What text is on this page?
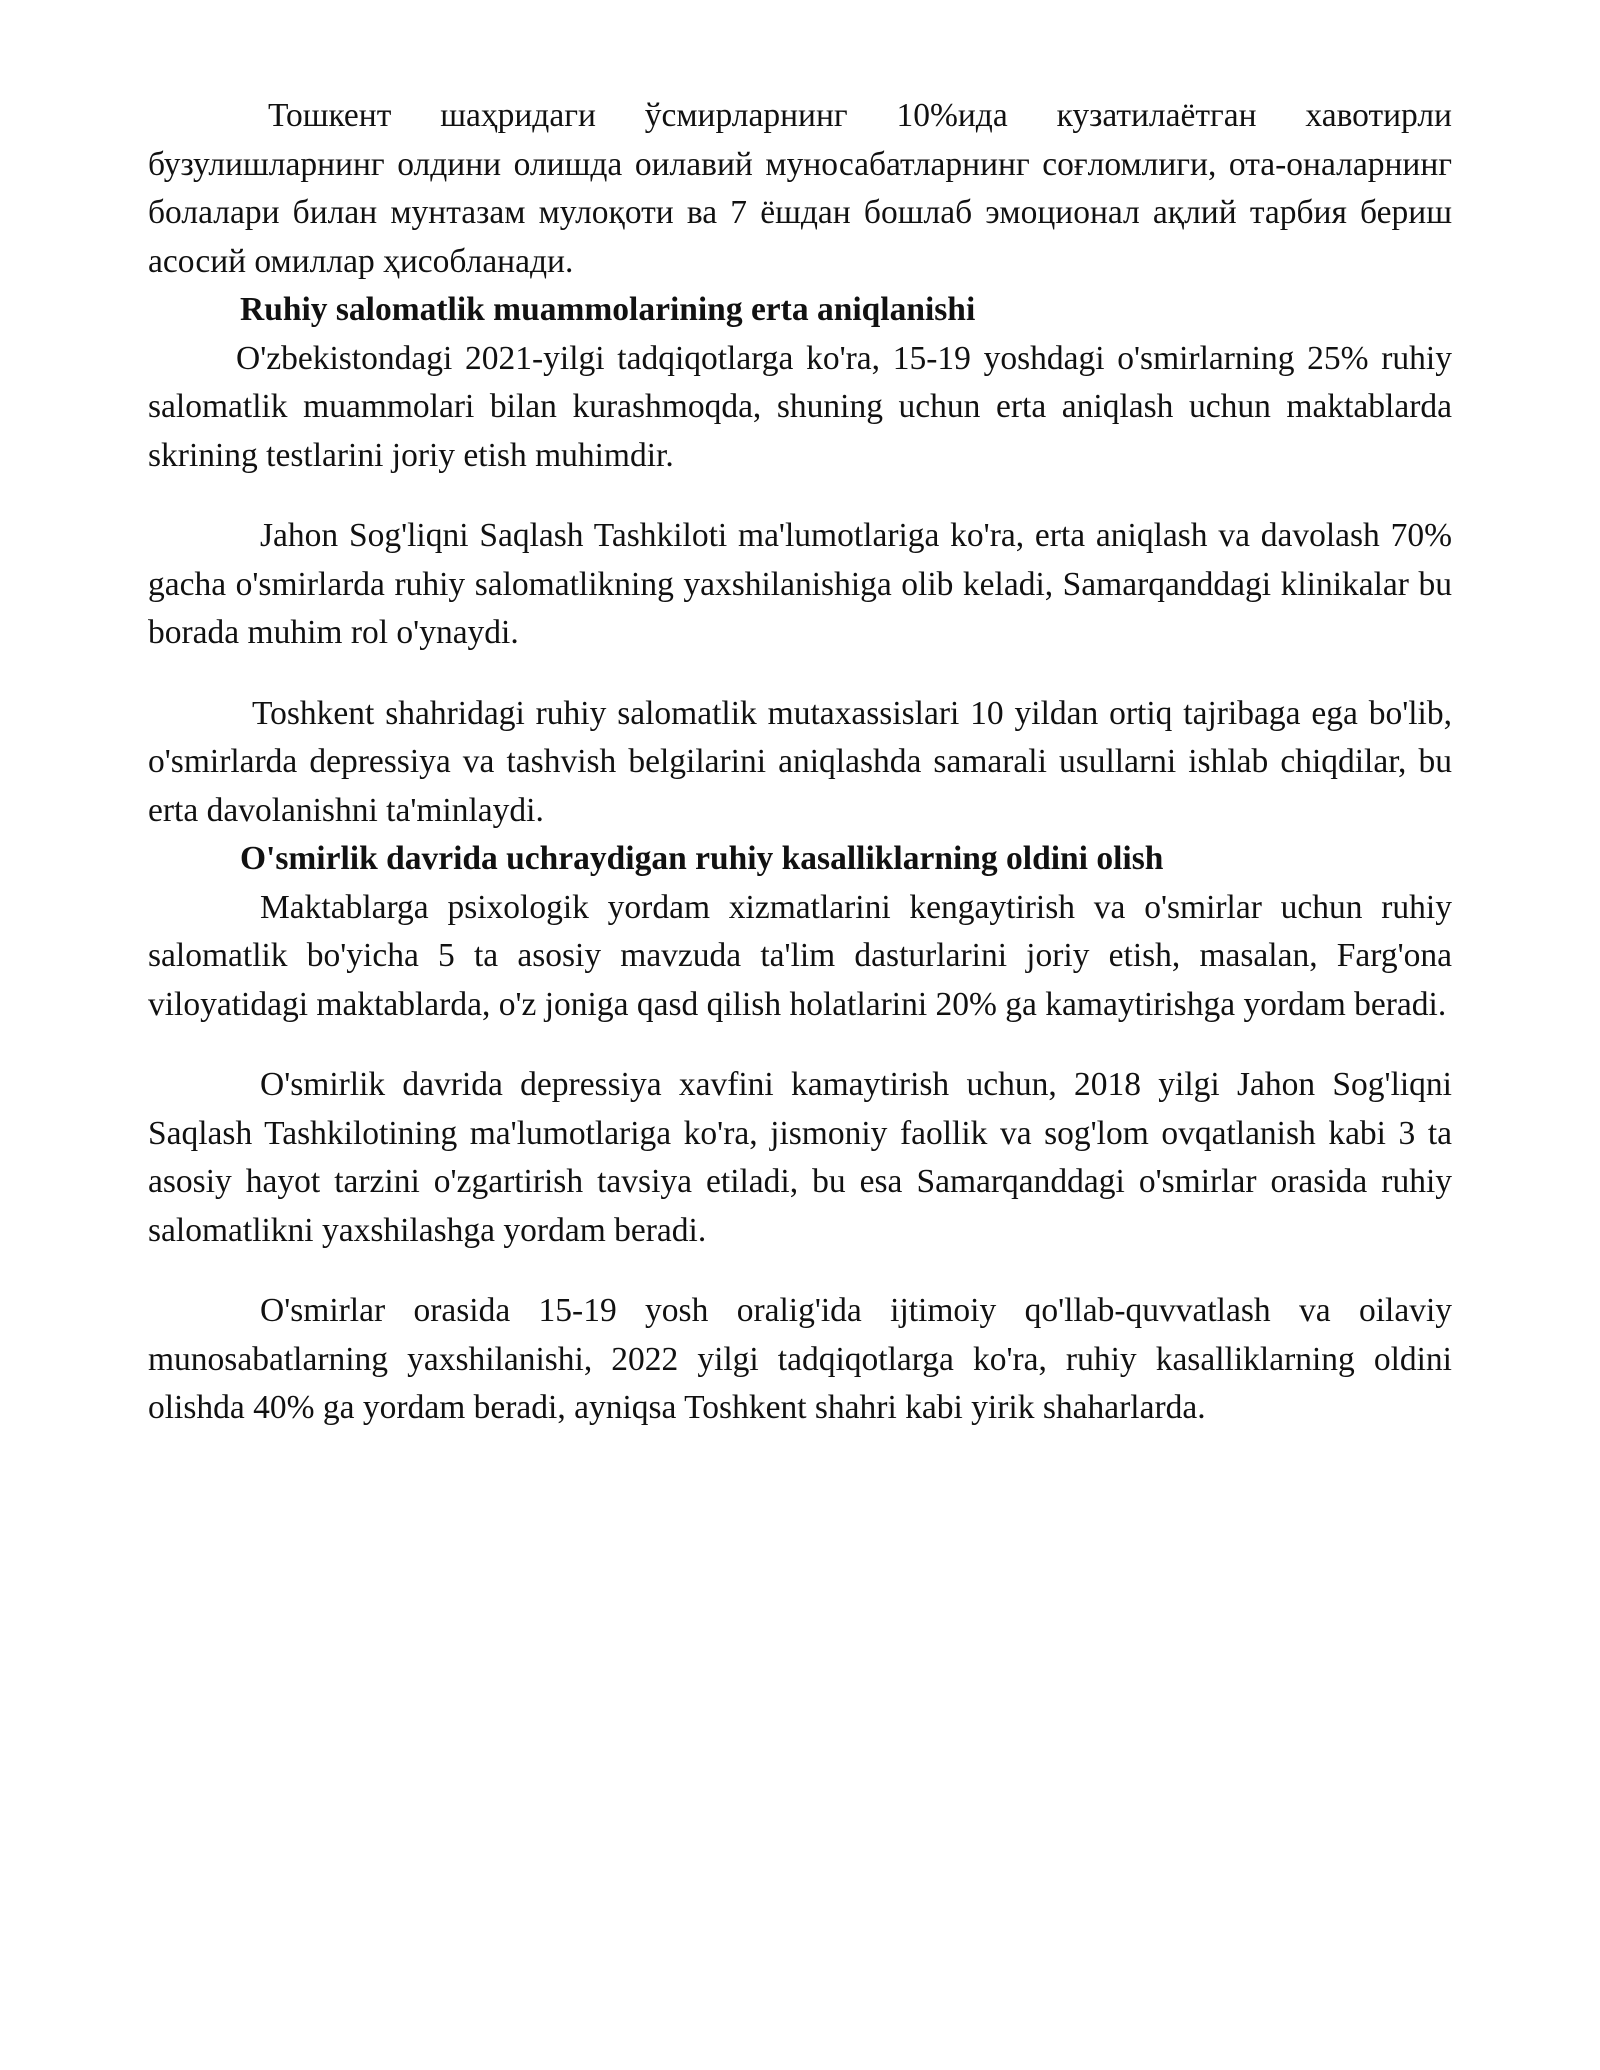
Тошкент шаҳридаги ўсмирларнинг 10%ида кузатилаётган хавотирли бузулишларнинг олдини олишда оилавий муносабатларнинг соғломлиги, ота-оналарнинг болалари билан мунтазам мулоқоти ва 7 ёшдан бошлаб эмоционал ақлий тарбия бериш асосий омиллар ҳисобланади.

Ruhiy salomatlik muammolarining erta aniqlanishi

O'zbekistondagi 2021-yilgi tadqiqotlarga ko'ra, 15-19 yoshdagi o'smirlarning 25% ruhiy salomatlik muammolari bilan kurashmoqda, shuning uchun erta aniqlash uchun maktablarda skrining testlarini joriy etish muhimdir.

Jahon Sog'liqni Saqlash Tashkiloti ma'lumotlariga ko'ra, erta aniqlash va davolash 70% gacha o'smirlarda ruhiy salomatlikning yaxshilanishiga olib keladi, Samarqanddagi klinikalar bu borada muhim rol o'ynaydi.

Toshkent shahridagi ruhiy salomatlik mutaxassislari 10 yildan ortiq tajribaga ega bo'lib, o'smirlarda depressiya va tashvish belgilarini aniqlashda samarali usullarni ishlab chiqdilar, bu erta davolanishni ta'minlaydi.

O'smirlik davrida uchraydigan ruhiy kasalliklarning oldini olish

Maktablarga psixologik yordam xizmatlarini kengaytirish va o'smirlar uchun ruhiy salomatlik bo'yicha 5 ta asosiy mavzuda ta'lim dasturlarini joriy etish, masalan, Farg'ona viloyatidagi maktablarda, o'z joniga qasd qilish holatlarini 20% ga kamaytirishga yordam beradi.

O'smirlik davrida depressiya xavfini kamaytirish uchun, 2018 yilgi Jahon Sog'liqni Saqlash Tashkilotining ma'lumotlariga ko'ra, jismoniy faollik va sog'lom ovqatlanish kabi 3 ta asosiy hayot tarzini o'zgartirish tavsiya etiladi, bu esa Samarqanddagi o'smirlar orasida ruhiy salomatlikni yaxshilashga yordam beradi.

O'smirlar orasida 15-19 yosh oralig'ida ijtimoiy qo'llab-quvvatlash va oilaviy munosabatlarning yaxshilanishi, 2022 yilgi tadqiqotlarga ko'ra, ruhiy kasalliklarning oldini olishda 40% ga yordam beradi, ayniqsa Toshkent shahri kabi yirik shaharlarda.
